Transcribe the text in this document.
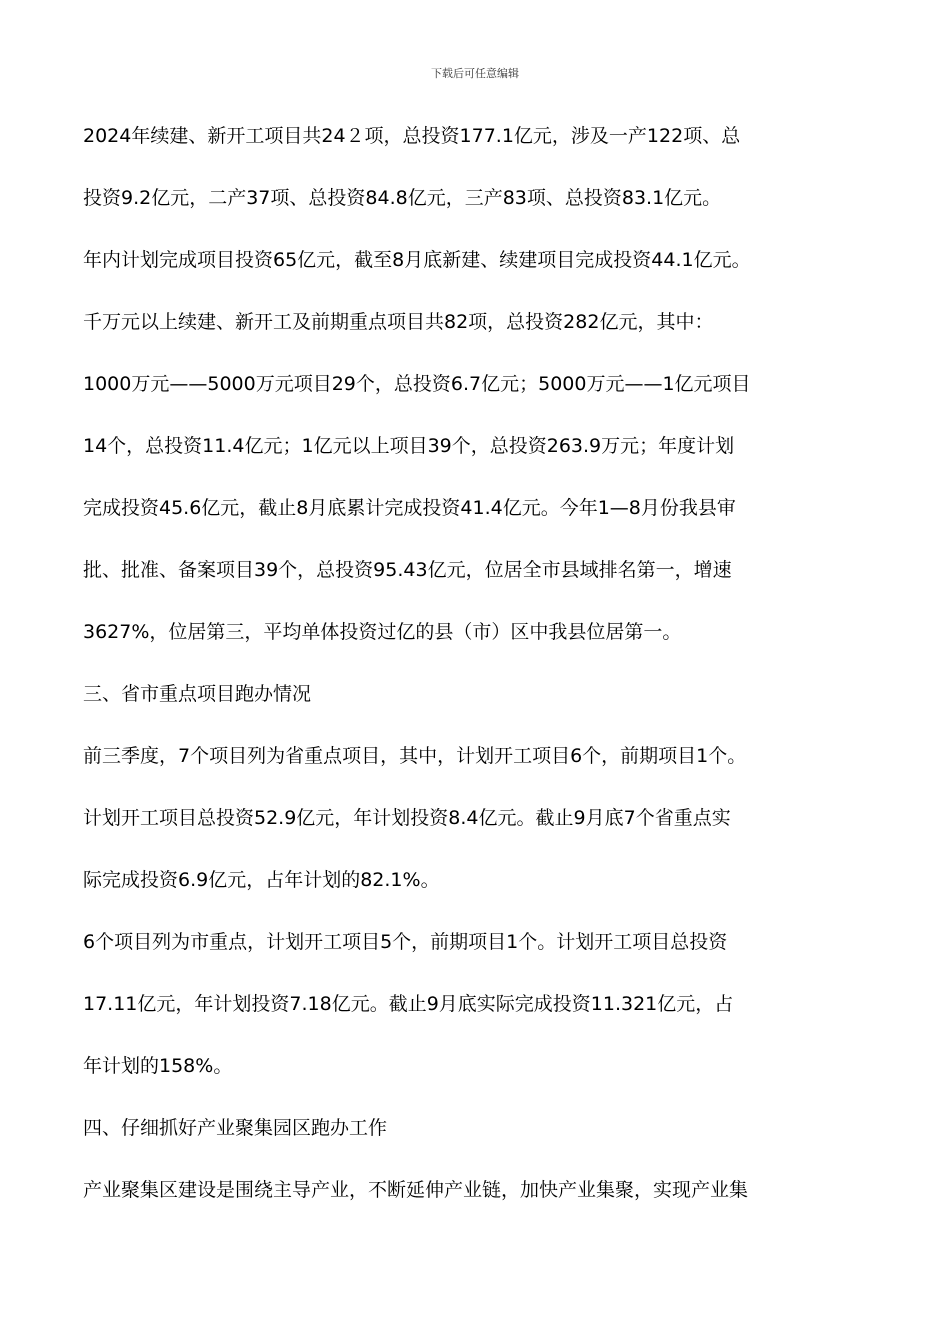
下载后可任意编辑
2024年续建、新开工项目共24２项，总投资177.1亿元，涉及一产122项、总
投资9.2亿元，二产37项、总投资84.8亿元，三产83项、总投资83.1亿元。
年内计划完成项目投资65亿元，截至8月底新建、续建项目完成投资44.1亿元。
千万元以上续建、新开工及前期重点项目共82项，总投资282亿元，其中：
1000万元——5000万元项目29个，总投资6.7亿元；5000万元——1亿元项目
14个，总投资11.4亿元；1亿元以上项目39个，总投资263.9万元；年度计划
完成投资45.6亿元，截止8月底累计完成投资41.4亿元。今年1—8月份我县审
批、批准、备案项目39个，总投资95.43亿元，位居全市县域排名第一，增速
3627%，位居第三，平均单体投资过亿的县（市）区中我县位居第一。
三、省市重点项目跑办情况
前三季度，7个项目列为省重点项目，其中，计划开工项目6个，前期项目1个。
计划开工项目总投资52.9亿元，年计划投资8.4亿元。截止9月底7个省重点实
际完成投资6.9亿元，占年计划的82.1%。
6个项目列为市重点，计划开工项目5个，前期项目1个。计划开工项目总投资
17.11亿元，年计划投资7.18亿元。截止9月底实际完成投资11.321亿元，占
年计划的158%。
四、仔细抓好产业聚集园区跑办工作
产业聚集区建设是围绕主导产业，不断延伸产业链，加快产业集聚，实现产业集
